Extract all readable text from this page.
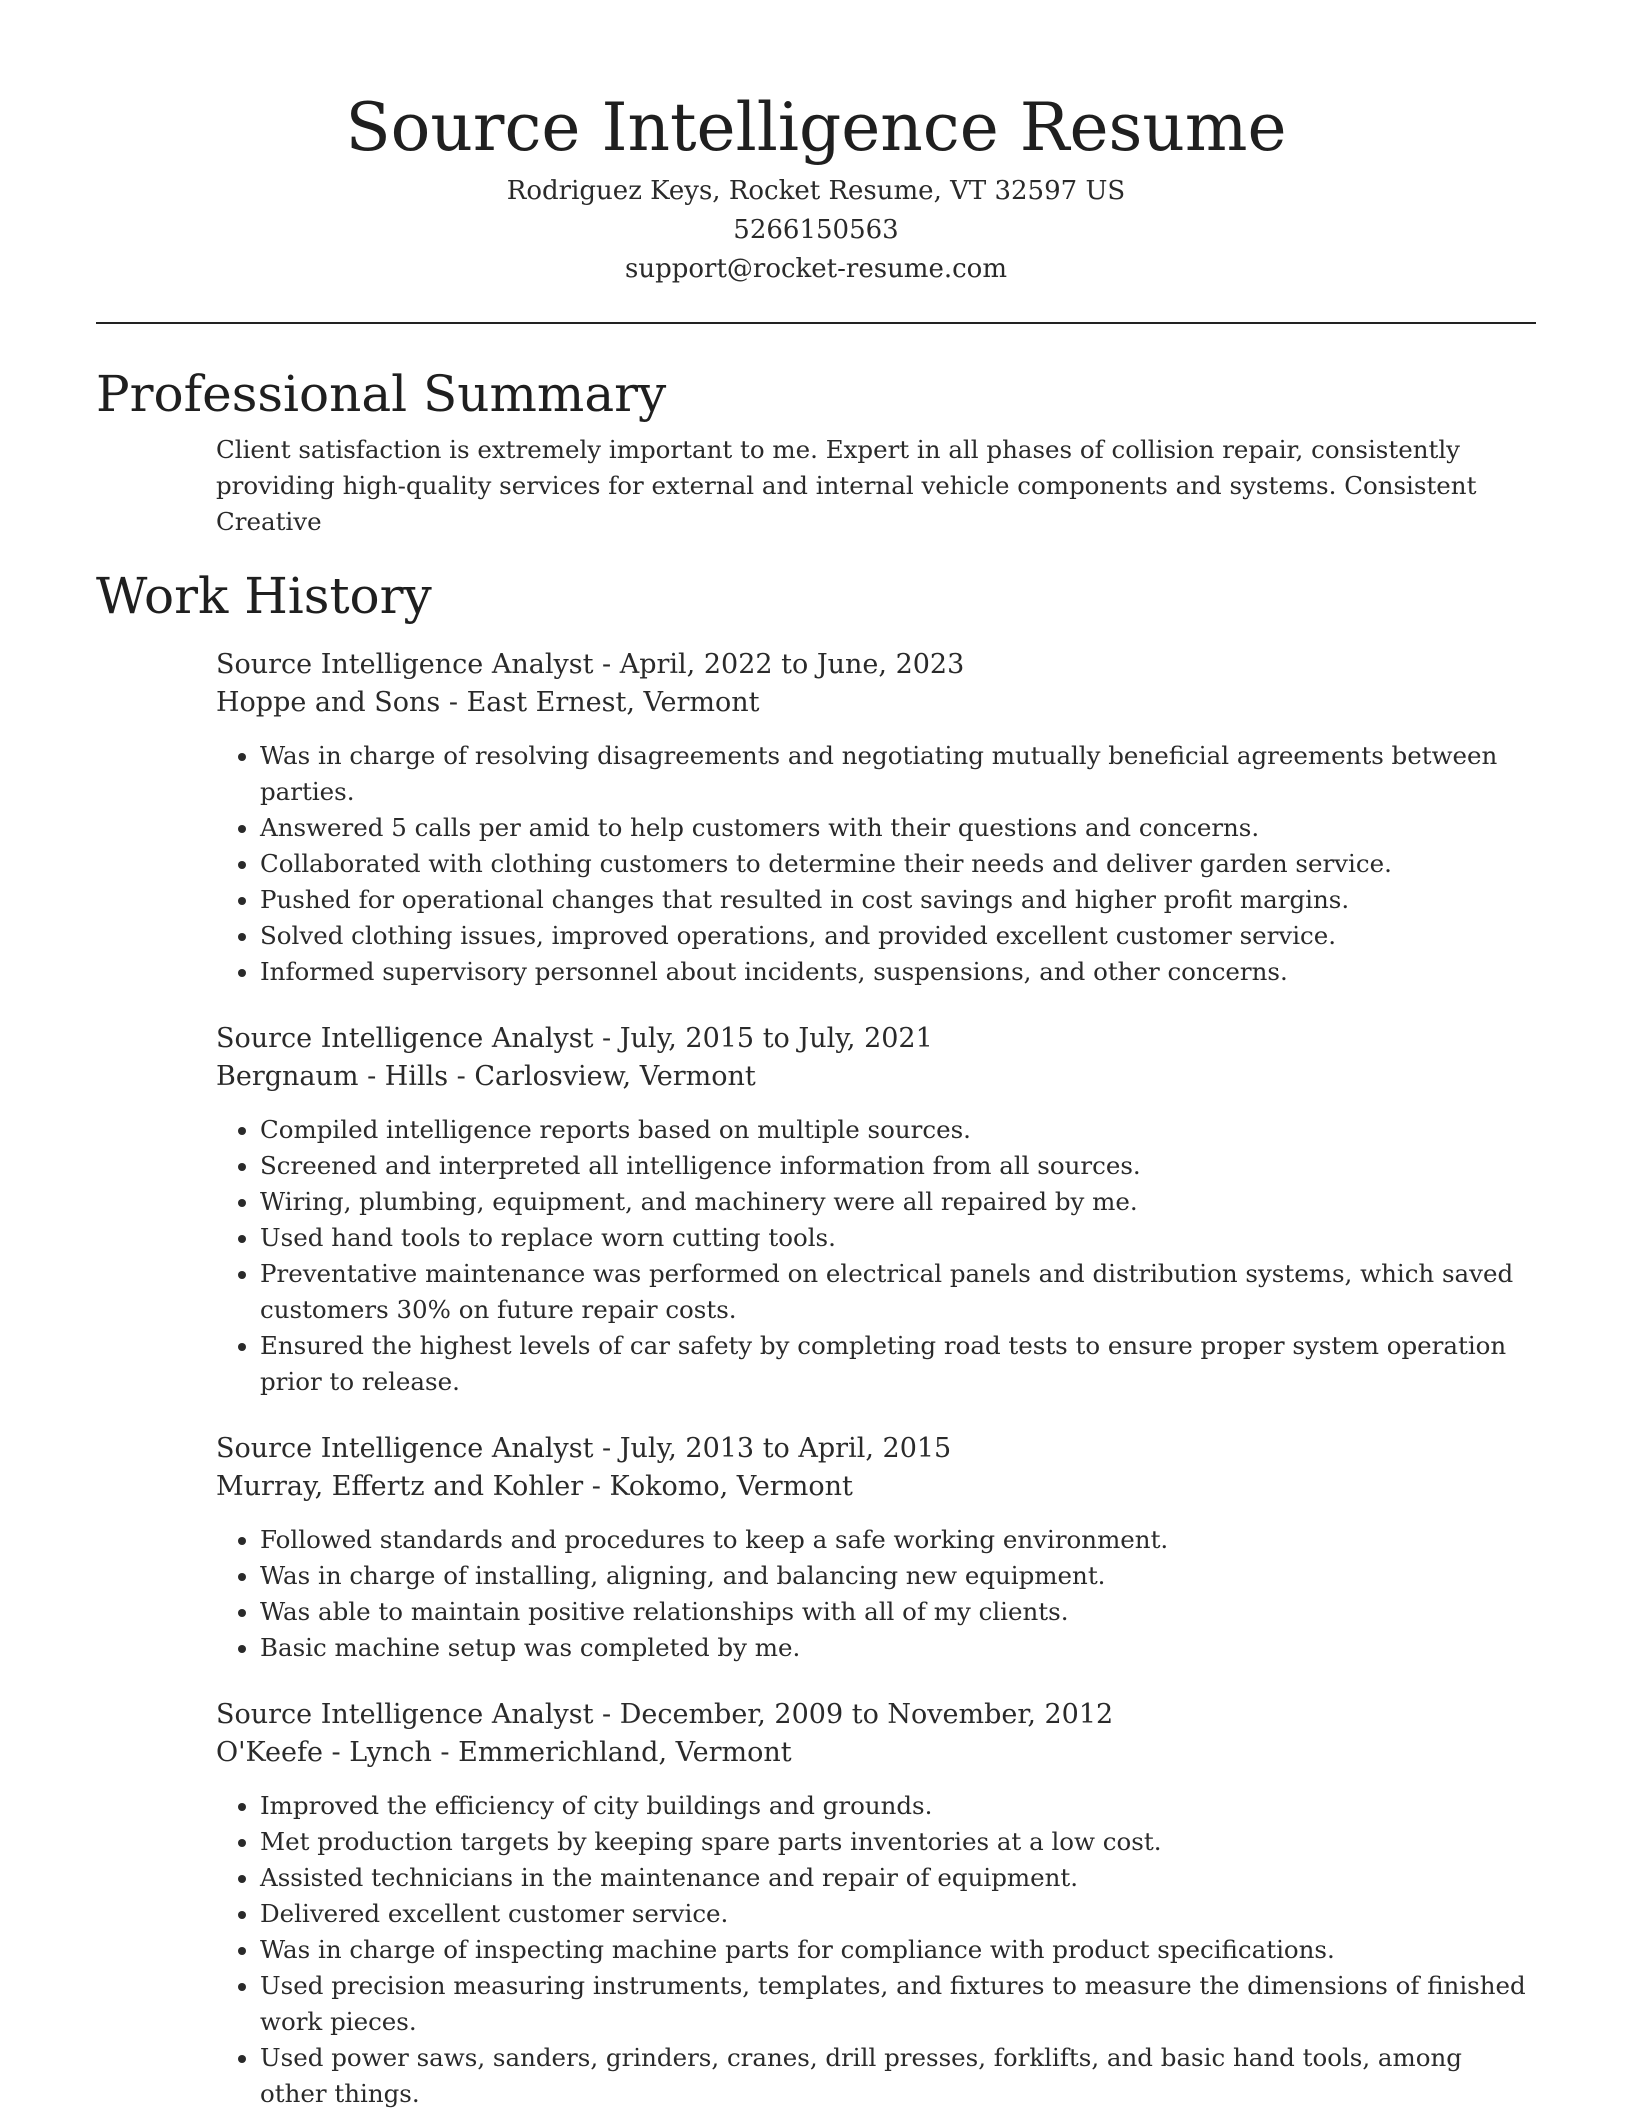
Source Intelligence Resume
Rodriguez Keys, Rocket Resume, VT 32597 US
5266150563
support@rocket-resume.com
Professional Summary

Client satisfaction is extremely important to me. Expert in all phases of collision repair, consistently providing high-quality services for external and internal vehicle components and systems. Consistent Creative

Work History
Source Intelligence Analyst - April, 2022 to June, 2023
Hoppe and Sons - East Ernest, Vermont
• Was in charge of resolving disagreements and negotiating mutually beneficial agreements between parties.
• Answered 5 calls per amid to help customers with their questions and concerns.
• Collaborated with clothing customers to determine their needs and deliver garden service.
• Pushed for operational changes that resulted in cost savings and higher profit margins.
• Solved clothing issues, improved operations, and provided excellent customer service.
• Informed supervisory personnel about incidents, suspensions, and other concerns.
Source Intelligence Analyst - July, 2015 to July, 2021
Bergnaum - Hills - Carlosview, Vermont
• Compiled intelligence reports based on multiple sources.
• Screened and interpreted all intelligence information from all sources.
• Wiring, plumbing, equipment, and machinery were all repaired by me.
• Used hand tools to replace worn cutting tools.
• Preventative maintenance was performed on electrical panels and distribution systems, which saved customers 30% on future repair costs.
• Ensured the highest levels of car safety by completing road tests to ensure proper system operation prior to release.
Source Intelligence Analyst - July, 2013 to April, 2015
Murray, Effertz and Kohler - Kokomo, Vermont
• Followed standards and procedures to keep a safe working environment.
• Was in charge of installing, aligning, and balancing new equipment.
• Was able to maintain positive relationships with all of my clients.
• Basic machine setup was completed by me.
Source Intelligence Analyst - December, 2009 to November, 2012
O'Keefe - Lynch - Emmerichland, Vermont
• Improved the efficiency of city buildings and grounds.
• Met production targets by keeping spare parts inventories at a low cost.
• Assisted technicians in the maintenance and repair of equipment.
• Delivered excellent customer service.
• Was in charge of inspecting machine parts for compliance with product specifications.
• Used precision measuring instruments, templates, and fixtures to measure the dimensions of finished work pieces.
• Used power saws, sanders, grinders, cranes, drill presses, forklifts, and basic hand tools, among other things.
